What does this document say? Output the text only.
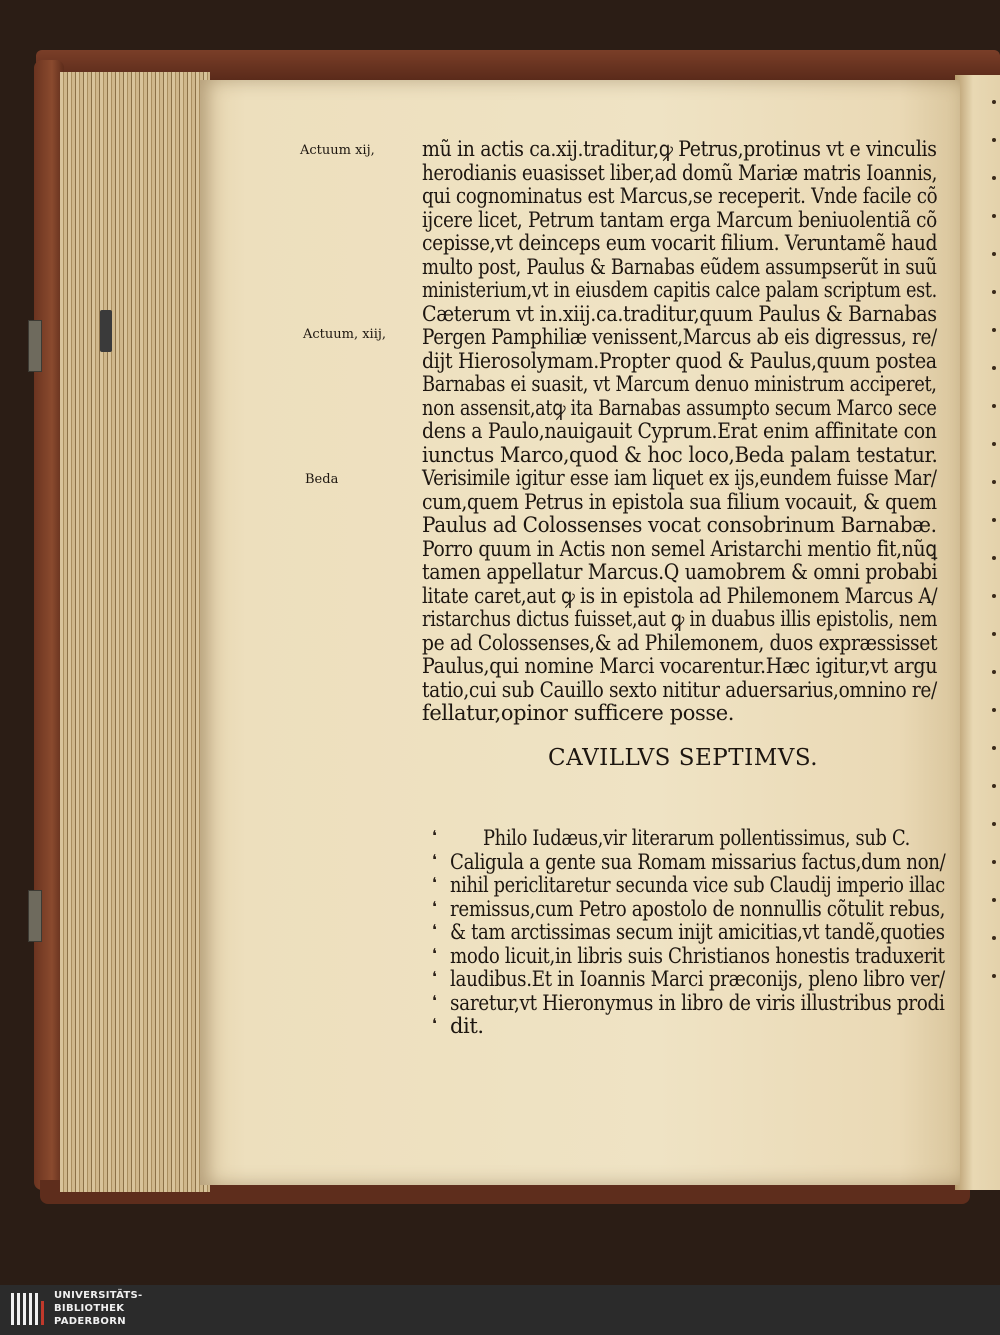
Actuum xij,
Actuum, xiij,
Beda
mũ in actis ca.xij.traditur,ꝙ Petrus,protinus vt e vinculis
herodianis euasisset liber,ad domũ Mariæ matris Ioannis,
qui cognominatus est Marcus,se receperit. Vnde facile cõ
ijcere licet, Petrum tantam erga Marcum beniuolentiã cõ
cepisse,vt deinceps eum vocarit filium. Veruntamẽ haud
multo post, Paulus & Barnabas eũdem assumpserũt in suũ
ministerium,vt in eiusdem capitis calce palam scriptum est.
Cæterum vt in.xiij.ca.traditur,quum Paulus & Barnabas
Pergen Pamphiliæ venissent,Marcus ab eis digressus, re/
dijt Hierosolymam.Propter quod & Paulus,quum postea
Barnabas ei suasit, vt Marcum denuo ministrum acciperet,
non assensit,atꝙ ita Barnabas assumpto secum Marco sece
dens a Paulo,nauigauit Cyprum.Erat enim affinitate con
iunctus Marco,quod & hoc loco,Beda palam testatur.
Verisimile igitur esse iam liquet ex ijs,eundem fuisse Mar/
cum,quem Petrus in epistola sua filium vocauit, & quem
Paulus ad Colossenses vocat consobrinum Barnabæ.
Porro quum in Actis non semel Aristarchi mentio fit,nũꝗ
tamen appellatur Marcus.Q uamobrem & omni probabi
litate caret,aut ꝙ is in epistola ad Philemonem Marcus A/
ristarchus dictus fuisset,aut ꝙ in duabus illis epistolis, nem
pe ad Colossenses,& ad Philemonem, duos expræssisset
Paulus,qui nomine Marci vocarentur.Hæc igitur,vt argu
tatio,cui sub Cauillo sexto nititur aduersarius,omnino re/
fellatur,opinor sufficere posse.
CAVILLVS SEPTIMVS.
❛ Philo Iudæus,vir literarum pollentissimus, sub C.
❛ Caligula a gente sua Romam missarius factus,dum non/
❛ nihil periclitaretur secunda vice sub Claudij imperio illac
❛ remissus,cum Petro apostolo de nonnullis cõtulit rebus,
❛ & tam arctissimas secum inijt amicitias,vt tandẽ,quoties
❛ modo licuit,in libris suis Christianos honestis traduxerit
❛ laudibus.Et in Ioannis Marci præconijs, pleno libro ver/
❛ saretur,vt Hieronymus in libro de viris illustribus prodi
❛ dit.
UNIVERSITÄTS-
BIBLIOTHEK
PADERBORN
